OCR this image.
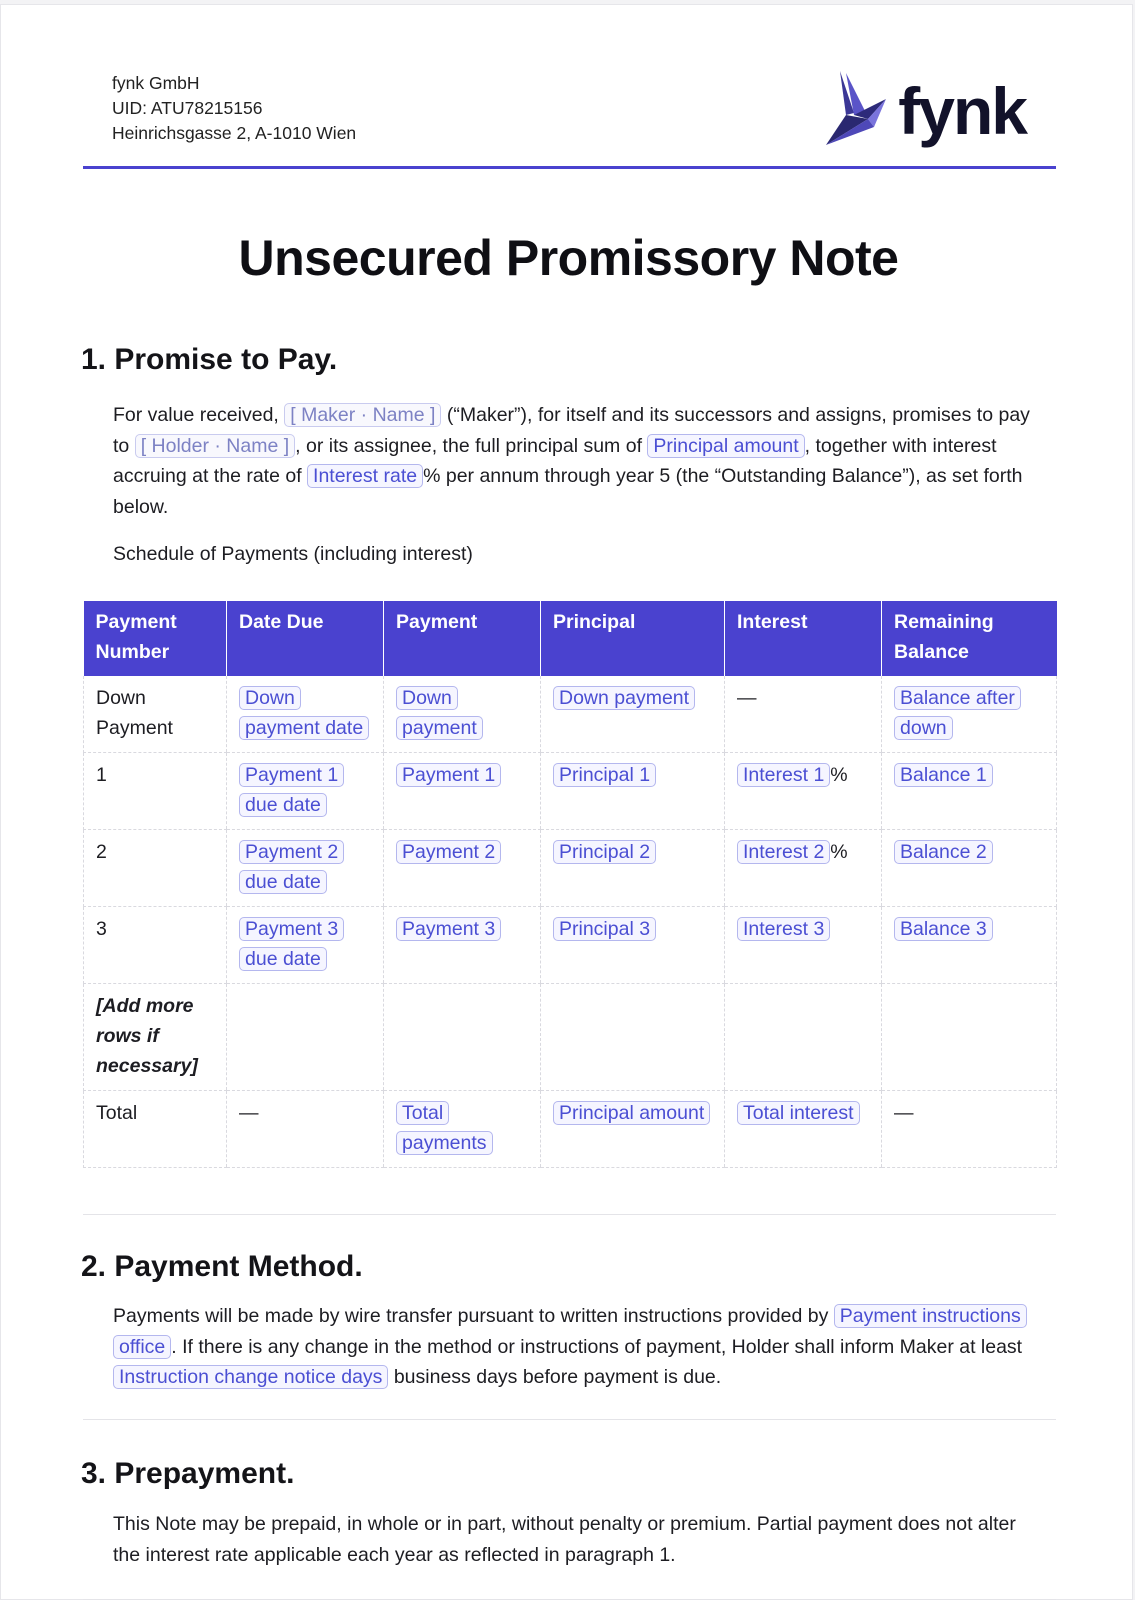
fynk GmbH
UID: ATU78215156
Heinrichsgasse 2, A-1010 Wien	fynk
Unsecured Promissory Note
1. Promise to Pay.

For value received, [ Maker · Name ] (“Maker”), for itself and its successors and assigns, promises to pay to [ Holder · Name ] , or its assignee, the full principal sum of Principal amount , together with interest accruing at the rate of Interest rate % per annum through year 5 (the “Outstanding Balance”), as set forth below.

Schedule of Payments (including interest)

Payment Number	Date Due	Payment	Principal	Interest	Remaining Balance
Down Payment	Down payment date	Down payment	Down payment	—	Balance after down
1	Payment 1 due date	Payment 1	Principal 1	Interest 1 %	Balance 1
2	Payment 2 due date	Payment 2	Principal 2	Interest 2 %	Balance 2
3	Payment 3 due date	Payment 3	Principal 3	Interest 3	Balance 3
[Add more rows if necessary]					
Total	—	Total payments	Principal amount	Total interest	—
2. Payment Method.

Payments will be made by wire transfer pursuant to written instructions provided by Payment instructions office . If there is any change in the method or instructions of payment, Holder shall inform Maker at least Instruction change notice days business days before payment is due.

3. Prepayment.

This Note may be prepaid, in whole or in part, without penalty or premium. Partial payment does not alter the interest rate applicable each year as reflected in paragraph 1.
